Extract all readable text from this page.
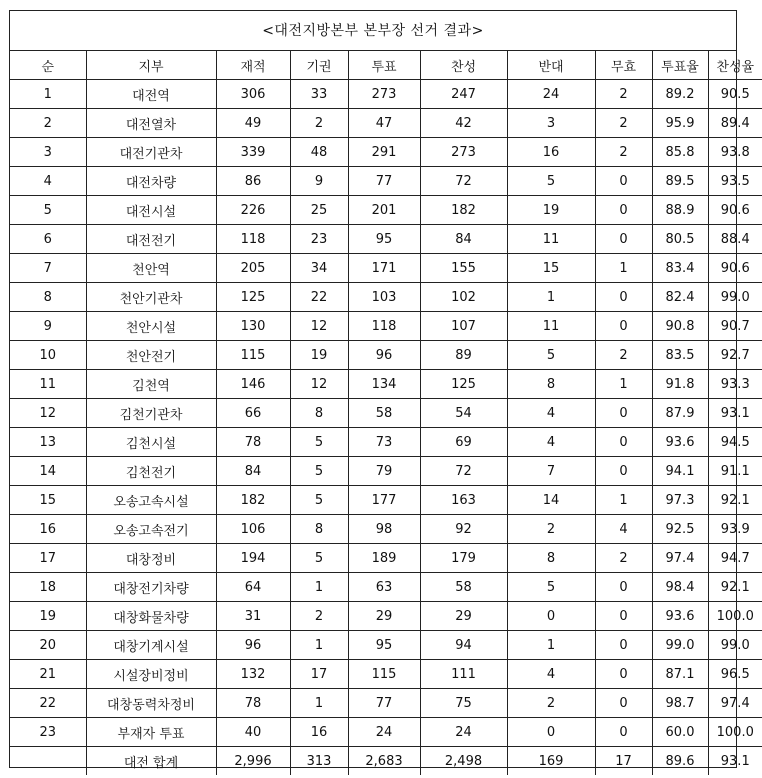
<대전지방본부 본부장 선거 결과>
순	지부	재적	기권	투표	찬성	반대	무효	투표율	찬성율
1	대전역	306	33	273	247	24	2	89.2	90.5
2	대전열차	49	2	47	42	3	2	95.9	89.4
3	대전기관차	339	48	291	273	16	2	85.8	93.8
4	대전차량	86	9	77	72	5	0	89.5	93.5
5	대전시설	226	25	201	182	19	0	88.9	90.6
6	대전전기	118	23	95	84	11	0	80.5	88.4
7	천안역	205	34	171	155	15	1	83.4	90.6
8	천안기관차	125	22	103	102	1	0	82.4	99.0
9	천안시설	130	12	118	107	11	0	90.8	90.7
10	천안전기	115	19	96	89	5	2	83.5	92.7
11	김천역	146	12	134	125	8	1	91.8	93.3
12	김천기관차	66	8	58	54	4	0	87.9	93.1
13	김천시설	78	5	73	69	4	0	93.6	94.5
14	김천전기	84	5	79	72	7	0	94.1	91.1
15	오송고속시설	182	5	177	163	14	1	97.3	92.1
16	오송고속전기	106	8	98	92	2	4	92.5	93.9
17	대창정비	194	5	189	179	8	2	97.4	94.7
18	대창전기차량	64	1	63	58	5	0	98.4	92.1
19	대창화물차량	31	2	29	29	0	0	93.6	100.0
20	대창기계시설	96	1	95	94	1	0	99.0	99.0
21	시설장비정비	132	17	115	111	4	0	87.1	96.5
22	대창동력차정비	78	1	77	75	2	0	98.7	97.4
23	부재자 투표	40	16	24	24	0	0	60.0	100.0
	대전 합계	2,996	313	2,683	2,498	169	17	89.6	93.1
